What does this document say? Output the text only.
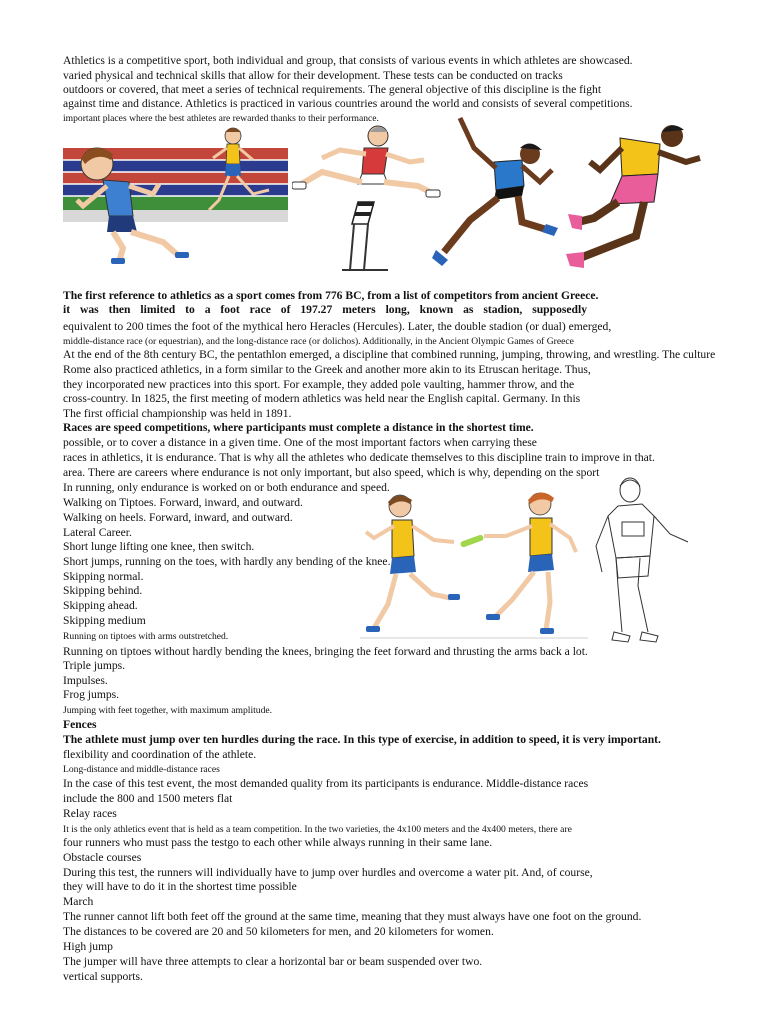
Athletics is a competitive sport, both individual and group, that consists of various events in which athletes are showcased.
varied physical and technical skills that allow for their development. These tests can be conducted on tracks
outdoors or covered, that meet a series of technical requirements. The general objective of this discipline is the fight
against time and distance. Athletics is practiced in various countries around the world and consists of several competitions.
important places where the best athletes are rewarded thanks to their performance.
The first reference to athletics as a sport comes from 776 BC, from a list of competitors from ancient Greece.
it was then limited to a foot race of 197.27 meters long, known as stadion, supposedly
equivalent to 200 times the foot of the mythical hero Heracles (Hercules). Later, the double stadion (or dual) emerged,
middle-distance race (or equestrian), and the long-distance race (or dolichos). Additionally, in the Ancient Olympic Games of Greece
At the end of the 8th century BC, the pentathlon emerged, a discipline that combined running, jumping, throwing, and wrestling. The culture
Rome also practiced athletics, in a form similar to the Greek and another more akin to its Etruscan heritage. Thus,
they incorporated new practices into this sport. For example, they added pole vaulting, hammer throw, and the
cross-country. In 1825, the first meeting of modern athletics was held near the English capital. Germany. In this
The first official championship was held in 1891.
Races are speed competitions, where participants must complete a distance in the shortest time.
possible, or to cover a distance in a given time. One of the most important factors when carrying these
races in athletics, it is endurance. That is why all the athletes who dedicate themselves to this discipline train to improve in that.
area. There are careers where endurance is not only important, but also speed, which is why, depending on the sport
In running, only endurance is worked on or both endurance and speed.
Walking on Tiptoes. Forward, inward, and outward.
Walking on heels. Forward, inward, and outward.
Lateral Career.
Short lunge lifting one knee, then switch.
Short jumps, running on the toes, with hardly any bending of the knee.
Skipping normal.
Skipping behind.
Skipping ahead.
Skipping medium
Running on tiptoes with arms outstretched.
Running on tiptoes without hardly bending the knees, bringing the feet forward and thrusting the arms back a lot.
Triple jumps.
Impulses.
Frog jumps.
Jumping with feet together, with maximum amplitude.
Fences
The athlete must jump over ten hurdles during the race. In this type of exercise, in addition to speed, it is very important.
flexibility and coordination of the athlete.
Long-distance and middle-distance races
In the case of this test event, the most demanded quality from its participants is endurance. Middle-distance races
include the 800 and 1500 meters flat
Relay races
It is the only athletics event that is held as a team competition. In the two varieties, the 4x100 meters and the 4x400 meters, there are
four runners who must pass the testgo to each other while always running in their same lane.
Obstacle courses
During this test, the runners will individually have to jump over hurdles and overcome a water pit. And, of course,
they will have to do it in the shortest time possible
March
The runner cannot lift both feet off the ground at the same time, meaning that they must always have one foot on the ground.
The distances to be covered are 20 and 50 kilometers for men, and 20 kilometers for women.
High jump
The jumper will have three attempts to clear a horizontal bar or beam suspended over two.
vertical supports.
